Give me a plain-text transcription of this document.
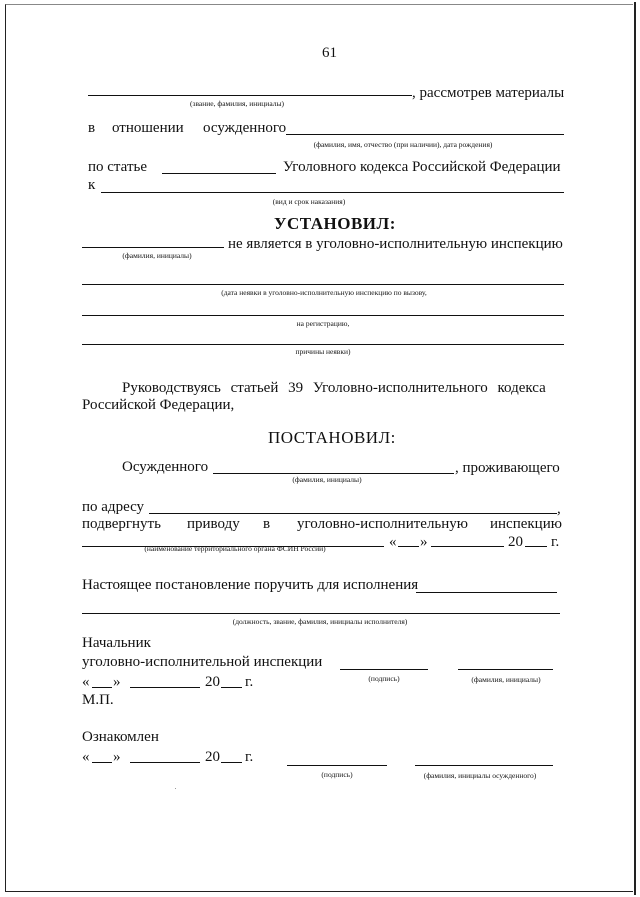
61
, рассмотрев материалы
(звание, фамилия, инициалы)
в отношении осужденного
(фамилия, имя, отчество (при наличии), дата рождения)
по статье	Уголовного кодекса Российской Федерации
к
(вид и срок наказания)
УСТАНОВИЛ:
не является в уголовно-исполнительную инспекцию
(фамилия, инициалы)
(дата неявки в уголовно-исполнительную инспекцию по вызову,
на регистрацию,
причины неявки)
Руководствуясь статьей 39 Уголовно-исполнительного кодекса
Российской Федерации,
ПОСТАНОВИЛ:
Осужденного	, проживающего
(фамилия, инициалы)
по адресу	,
подвергнуть приводу в уголовно-исполнительную инспекцию
« »	20 г.
(наименование территориального органа ФСИН России)
Настоящее постановление поручить для исполнения
(должность, звание, фамилия, инициалы исполнителя)
Начальник
уголовно-исполнительной инспекции
« »	20 г.	(подпись)	(фамилия, инициалы)
М.П.
Ознакомлен
« »	20 г.
(подпись)	(фамилия, инициалы осужденного)
